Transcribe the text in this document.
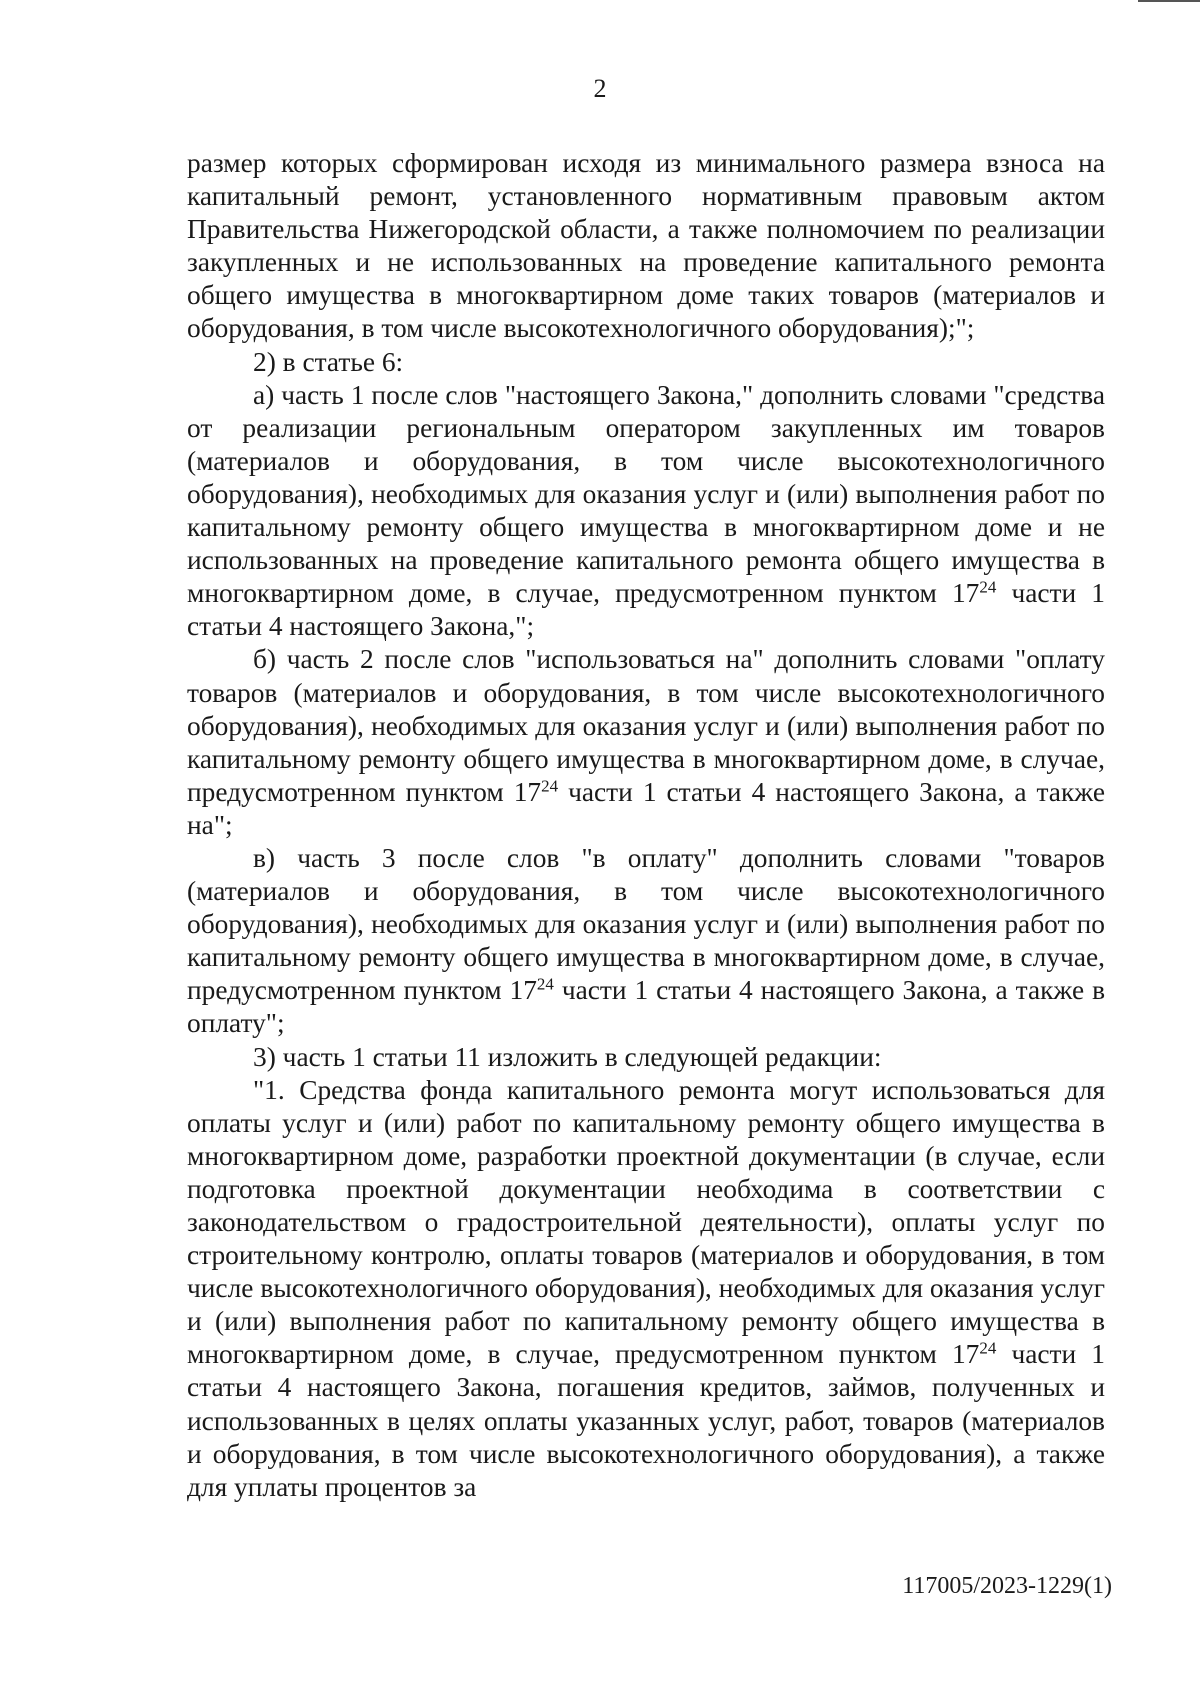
2

размер которых сформирован исходя из минимального размера взноса на капитальный ремонт, установленного нормативным правовым актом Правительства Нижегородской области, а также полномочием по реализации закупленных и не использованных на проведение капитального ремонта общего имущества в многоквартирном доме таких товаров (материалов и оборудования, в том числе высокотехнологичного оборудования);";

2) в статье 6:

а) часть 1 после слов "настоящего Закона," дополнить словами "средства от реализации региональным оператором закупленных им товаров (материалов и оборудования, в том числе высокотехнологичного оборудования), необходимых для оказания услуг и (или) выполнения работ по капитальному ремонту общего имущества в многоквартирном доме и не использованных на проведение капитального ремонта общего имущества в многоквартирном доме, в случае, предусмотренном пунктом $17^{24}$ части 1 статьи 4 настоящего Закона,";

б) часть 2 после слов "использоваться на" дополнить словами "оплату товаров (материалов и оборудования, в том числе высокотехнологичного оборудования), необходимых для оказания услуг и (или) выполнения работ по капитальному ремонту общего имущества в многоквартирном доме, в случае, предусмотренном пунктом $17^{24}$ части 1 статьи 4 настоящего Закона, а также на";

в) часть 3 после слов "в оплату" дополнить словами "товаров (материалов и оборудования, в том числе высокотехнологичного оборудования), необходимых для оказания услуг и (или) выполнения работ по капитальному ремонту общего имущества в многоквартирном доме, в случае, предусмотренном пунктом $17^{24}$ части 1 статьи 4 настоящего Закона, а также в оплату";

3) часть 1 статьи 11 изложить в следующей редакции:

"1. Средства фонда капитального ремонта могут использоваться для оплаты услуг и (или) работ по капитальному ремонту общего имущества в многоквартирном доме, разработки проектной документации (в случае, если подготовка проектной документации необходима в соответствии с законодательством о градостроительной деятельности), оплаты услуг по строительному контролю, оплаты товаров (материалов и оборудования, в том числе высокотехнологичного оборудования), необходимых для оказания услуг и (или) выполнения работ по капитальному ремонту общего имущества в многоквартирном доме, в случае, предусмотренном пунктом $17^{24}$ части 1 статьи 4 настоящего Закона, погашения кредитов, займов, полученных и использованных в целях оплаты указанных услуг, работ, товаров (материалов и оборудования, в том числе высокотехнологичного оборудования), а также для уплаты процентов за

117005/2023-1229(1)
